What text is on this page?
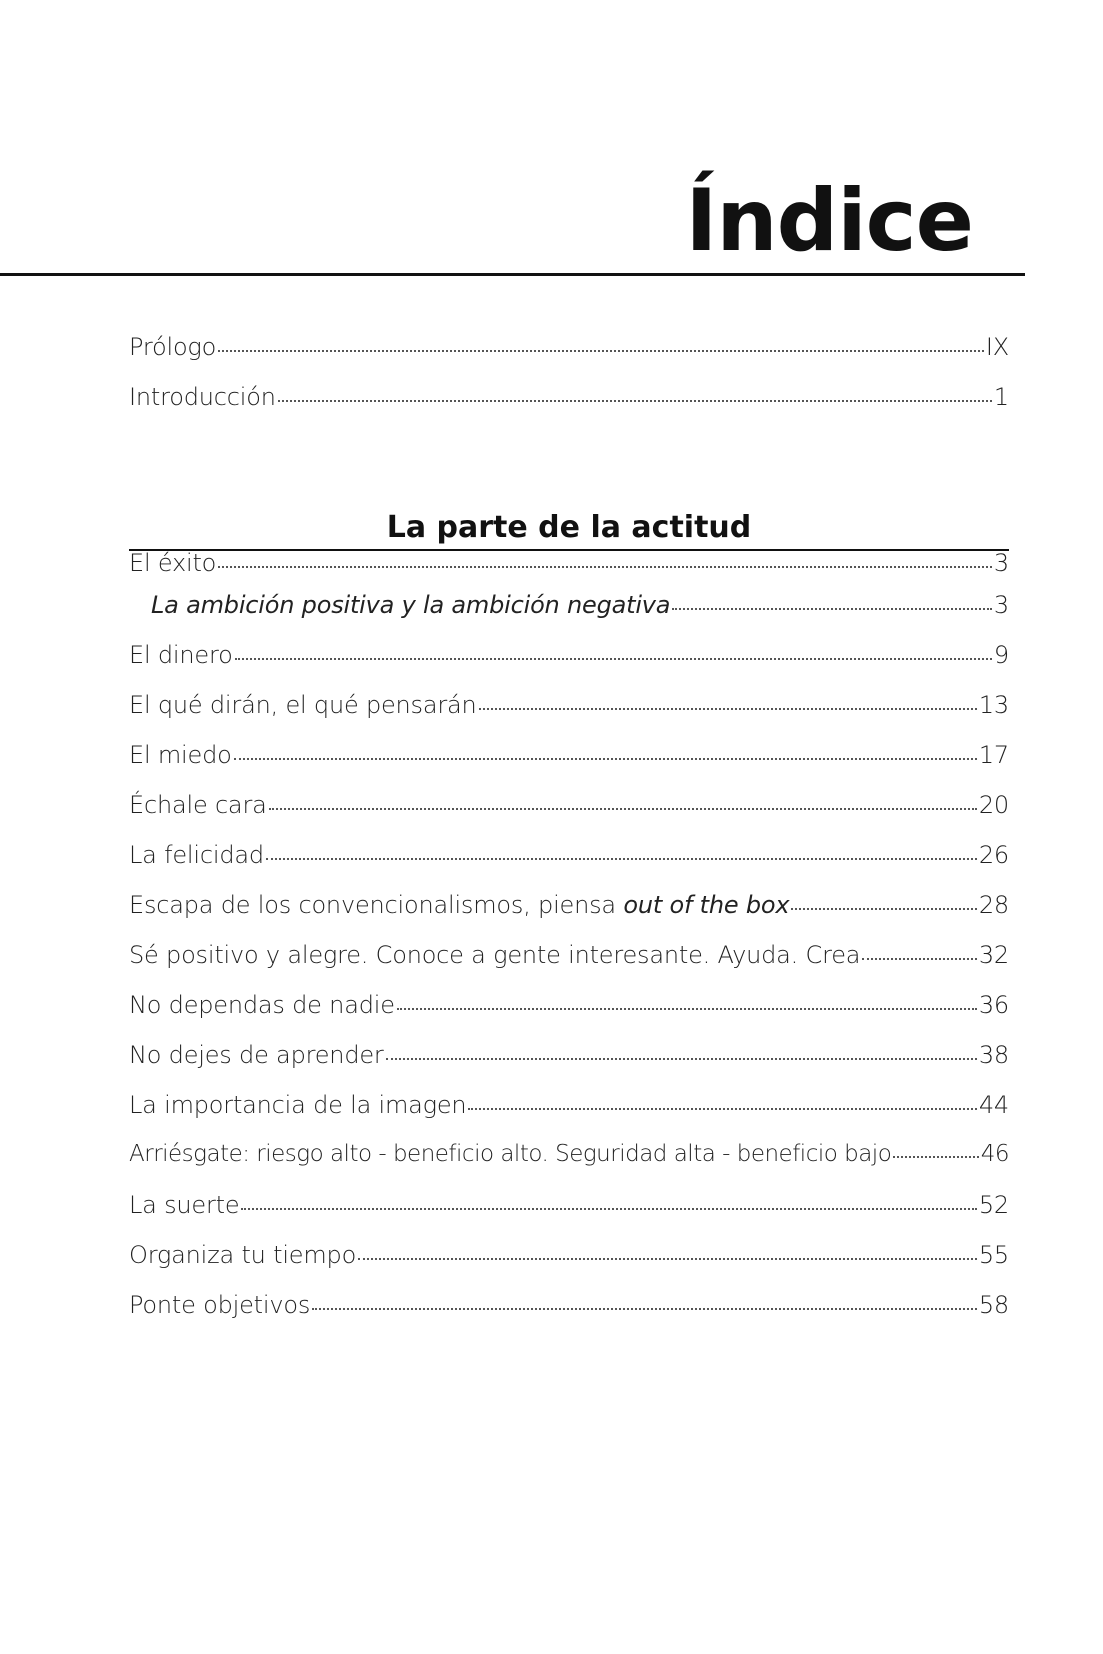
Índice
Prólogo	IX
Introducción	1
La parte de la actitud
El éxito	3
La ambición positiva y la ambición negativa	3
El dinero	9
El qué dirán, el qué pensarán	13
El miedo	17
Échale cara	20
La felicidad	26
Escapa de los convencionalismos, piensa out of the box	28
Sé positivo y alegre. Conoce a gente interesante. Ayuda. Crea	32
No dependas de nadie	36
No dejes de aprender	38
La importancia de la imagen	44
Arriésgate: riesgo alto - beneficio alto. Seguridad alta - beneficio bajo	46
La suerte	52
Organiza tu tiempo	55
Ponte objetivos	58
